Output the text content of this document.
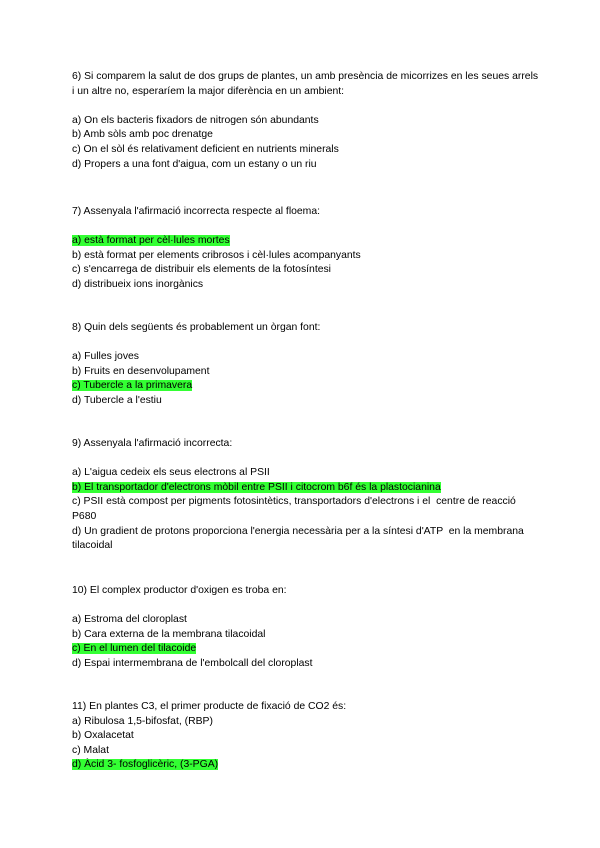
6) Si comparem la salut de dos grups de plantes, un amb presència de micorrizes en les seues arrels i un altre no, esperaríem la major diferència en un ambient:

a) On els bacteris fixadors de nitrogen són abundants

b) Amb sòls amb poc drenatge

c) On el sòl és relativament deficient en nutrients minerals

d) Propers a una font d'aigua, com un estany o un riu

7) Assenyala l'afirmació incorrecta respecte al floema:

a) està format per cèl·lules mortes

b) està format per elements cribrosos i cèl·lules acompanyants

c) s'encarrega de distribuir els elements de la fotosíntesi

d) distribueix ions inorgànics

8) Quin dels següents és probablement un òrgan font:

a) Fulles joves

b) Fruits en desenvolupament

c) Tubercle a la primavera

d) Tubercle a l'estiu

9) Assenyala l'afirmació incorrecta:

a) L'aigua cedeix els seus electrons al PSII

b) El transportador d'electrons mòbil entre PSII i citocrom b6f és la plastocianina

c) PSII està compost per pigments fotosintètics, transportadors d'electrons i el  centre de reacció P680

d) Un gradient de protons proporciona l'energia necessària per a la síntesi d'ATP  en la membrana tilacoidal

10) El complex productor d'oxigen es troba en:

a) Estroma del cloroplast

b) Cara externa de la membrana tilacoidal

c) En el lumen del tilacoide

d) Espai intermembrana de l'embolcall del cloroplast

11) En plantes C3, el primer producte de fixació de CO2 és:

a) Ribulosa 1,5-bifosfat, (RBP)

b) Oxalacetat

c) Malat

d) Àcid 3- fosfoglicèric, (3-PGA)
